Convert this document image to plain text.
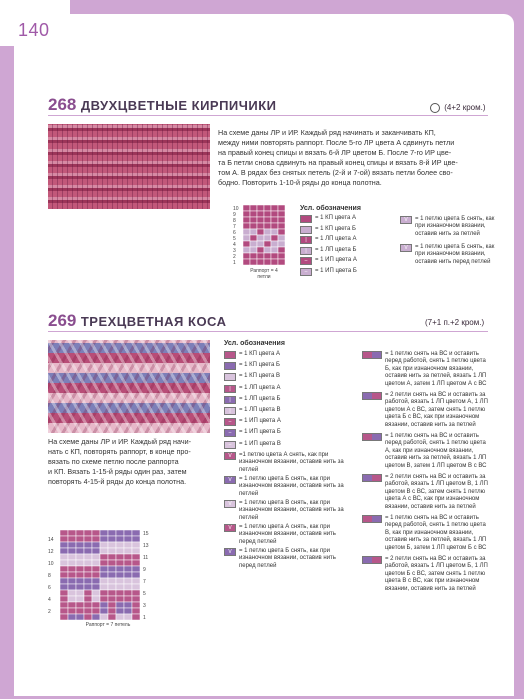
140
268 ДВУХЦВЕТНЫЕ КИРПИЧИКИ	(4+2 кром.)
На схеме даны ЛР и ИР. Каждый ряд начинать и заканчивать КП,
между ними повторять раппорт. После 5-го ЛР цвета А сдвинуть петли
на правый конец спицы и вязать 6-й ЛР цветом Б. После 7-го ИР цве-
та Б петли снова сдвинуть на правый конец спицы и вязать 8-й ИР цве-
том А. В рядах без снятых петель (2-й и 7-ой) вязать петли более сво-
бодно. Повторить 1-10-й ряды до конца полотна.
10
9
8
7
6
5
4
3
2
1
Раппорт = 4 петли
Усл. обозначения
= 1 КП цвета А
= 1 КП цвета Б
|	= 1 ЛП цвета А
|	= 1 ЛП цвета Б
–	= 1 ИП цвета А
–	= 1 ИП цвета Б
V	= 1 петлю цвета Б снять, как при изнаночном вязании, оставив нить за петлей
V	= 1 петлю цвета Б снять, как при изнаночном вязании, оставив нить перед петлей
269 ТРЕХЦВЕТНАЯ КОСА	(7+1 п.+2 кром.)
На схеме даны ЛР и ИР. Каждый ряд начи-
нать с КП, повторять раппорт, в конце про-
вязать по схеме петлю после раппорта
и КП. Вязать 1-15-й ряды один раз, затем
повторять 4-15-й ряды до конца полотна.
14
12
10
8
6
4
2
15
13
11
9
7
5
3
1
Раппорт = 7 петель
Усл. обозначения
= 1 КП цвета А
= 1 КП цвета Б
= 1 КП цвета В
|	= 1 ЛП цвета А
|	= 1 ЛП цвета Б
|	= 1 ЛП цвета В
–	= 1 ИП цвета А
–	= 1 ИП цвета Б
–	= 1 ИП цвета В
V	=1 петлю цвета А снять, как при изнаночном вязании, оставив нить за петлей
V	= 1 петлю цвета Б снять, как при изнаночном вязании, оставив нить за петлей
V	= 1 петлю цвета В снять, как при изнаночном вязании, оставив нить за петлей
V	= 1 петлю цвета А снять, как при изнаночном вязании, оставив нить перед петлей
V	= 1 петлю цвета Б снять, как при изнаночном вязании, оставив нить перед петлей
= 1 петлю снять на ВС и оставить перед работой, снять 1 петлю цвета Б, как при изнаночном вязании, оставив нить за петлей, вязать 1 ЛП цветом А, затем 1 ЛП цветом А с ВС
= 2 петли снять на ВС и оставить за работой, вязать 1 ЛП цветом А, 1 ЛП цветом А с ВС, затем снять 1 петлю цвета Б с ВС, как при изнаночном вязании, оставив нить за петлей
= 1 петлю снять на ВС и оставить перед работой, снять 1 петлю цвета А, как при изнаночном вязании, оставив нить за петлей, вязать 1 ЛП цветом В, затем 1 ЛП цветом В с ВС
= 2 петли снять на ВС и оставить за работой, вязать 1 ЛП цветом В, 1 ЛП цветом В с ВС, затем снять 1 петлю цвета А с ВС, как при изнаночном вязании, оставив нить за петлей
= 1 петлю снять на ВС и оставить перед работой, снять 1 петлю цвета В, как при изнаночном вязании, оставив нить за петлей, вязать 1 ЛП цветом Б, затем 1 ЛП цветом Б с ВС
= 2 петли снять на ВС и оставить за работой, вязать 1 ЛП цветом Б, 1 ЛП цветом Б с ВС, затем снять 1 петлю цвета В с ВС, как при изнаночном вязании, оставив нить за петлей
